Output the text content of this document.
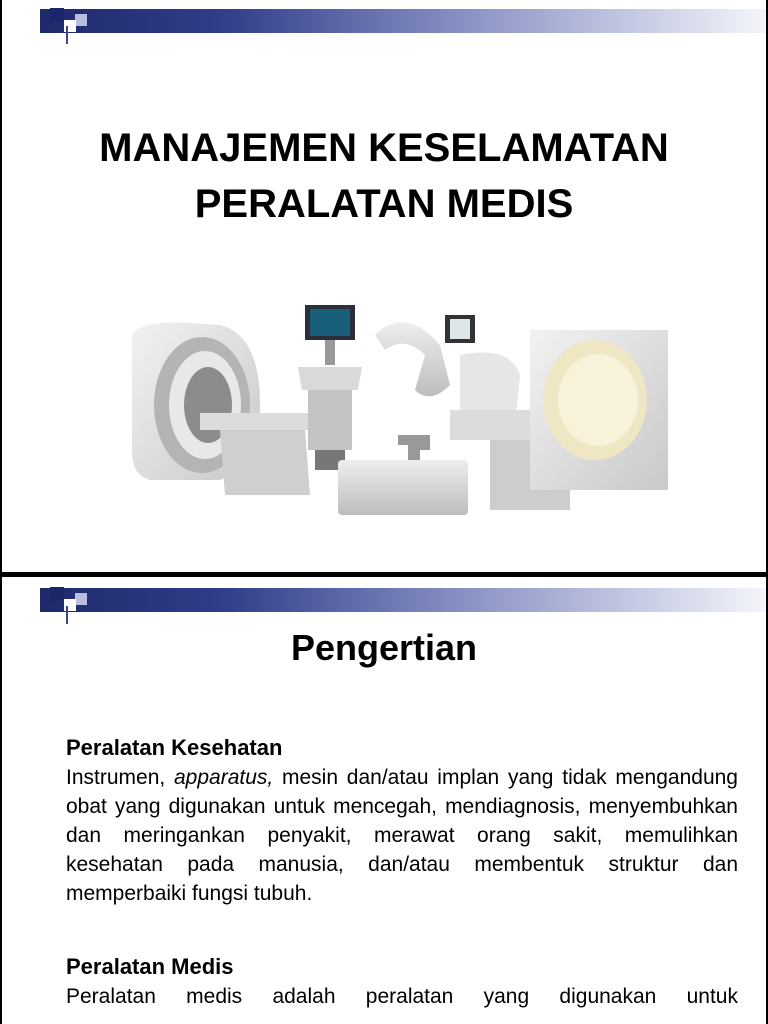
MANAJEMEN KESELAMATAN
PERALATAN MEDIS
Pengertian
Peralatan Kesehatan
Instrumen, apparatus, mesin dan/atau implan yang tidak mengandung obat yang digunakan untuk mencegah, mendiagnosis, menyembuhkan dan meringankan penyakit, merawat orang sakit, memulihkan kesehatan pada manusia, dan/atau membentuk struktur dan memperbaiki fungsi tubuh.
Peralatan Medis
Peralatan medis adalah peralatan yang digunakan untuk
